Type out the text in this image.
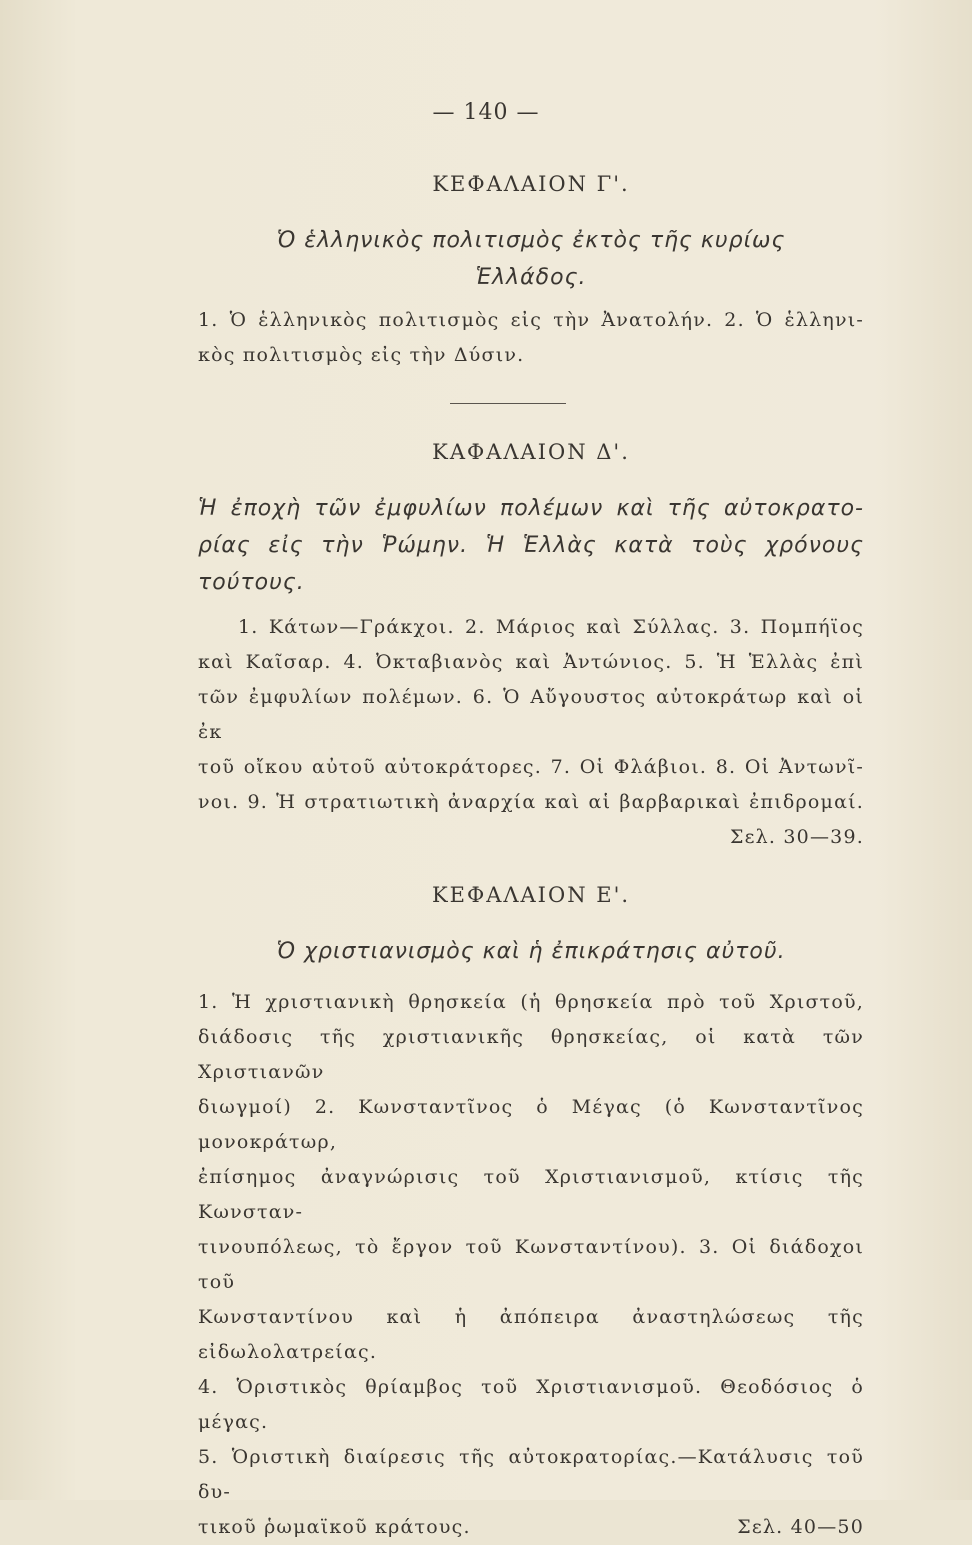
— 140 —
ΚΕΦΑΛΑΙΟΝ Γ'.
Ὁ ἑλληνικὸς πολιτισμὸς ἐκτὸς τῆς κυρίως
Ἑλλάδος.
1. Ὁ ἑλληνικὸς πολιτισμὸς εἰς τὴν Ἀνατολήν. 2. Ὁ ἑλληνι-
κὸς πολιτισμὸς εἰς τὴν Δύσιν.
ΚΑΦΑΛΑΙΟΝ Δ'.
Ἡ ἐποχὴ τῶν ἐμφυλίων πολέμων καὶ τῆς αὐτοκρατο-
ρίας εἰς τὴν Ῥώμην. Ἡ Ἑλλὰς κατὰ τοὺς χρόνους
τούτους.
1. Κάτων—Γράκχοι. 2. Μάριος καὶ Σύλλας. 3. Πομπήϊος
καὶ Καῖσαρ. 4. Ὀκταβιανὸς καὶ Ἀντώνιος. 5. Ἡ Ἑλλὰς ἐπὶ
τῶν ἐμφυλίων πολέμων. 6. Ὁ Αὔγουστος αὐτοκράτωρ καὶ οἱ ἐκ
τοῦ οἴκου αὐτοῦ αὐτοκράτορες. 7. Οἱ Φλάβιοι. 8. Οἱ Ἀντωνῖ-
νοι. 9. Ἡ στρατιωτικὴ ἀναρχία καὶ αἱ βαρβαρικαὶ ἐπιδρομαί.
Σελ. 30—39.
ΚΕΦΑΛΑΙΟΝ Ε'.
Ὁ χριστιανισμὸς καὶ ἡ ἐπικράτησις αὐτοῦ.
1. Ἡ χριστιανικὴ θρησκεία (ἡ θρησκεία πρὸ τοῦ Χριστοῦ,
διάδοσις τῆς χριστιανικῆς θρησκείας, οἱ κατὰ τῶν Χριστιανῶν
διωγμοί) 2. Κωνσταντῖνος ὁ Μέγας (ὁ Κωνσταντῖνος μονοκράτωρ,
ἐπίσημος ἀναγνώρισις τοῦ Χριστιανισμοῦ, κτίσις τῆς Κωνσταν-
τινουπόλεως, τὸ ἔργον τοῦ Κωνσταντίνου). 3. Οἱ διάδοχοι τοῦ
Κωνσταντίνου καὶ ἡ ἀπόπειρα ἀναστηλώσεως τῆς εἰδωλολατρείας.
4. Ὁριστικὸς θρίαμβος τοῦ Χριστιανισμοῦ. Θεοδόσιος ὁ μέγας.
5. Ὁριστικὴ διαίρεσις τῆς αὐτοκρατορίας.—Κατάλυσις τοῦ δυ-
τικοῦ ῥωμαϊκοῦ κράτους.	Σελ. 40—50
